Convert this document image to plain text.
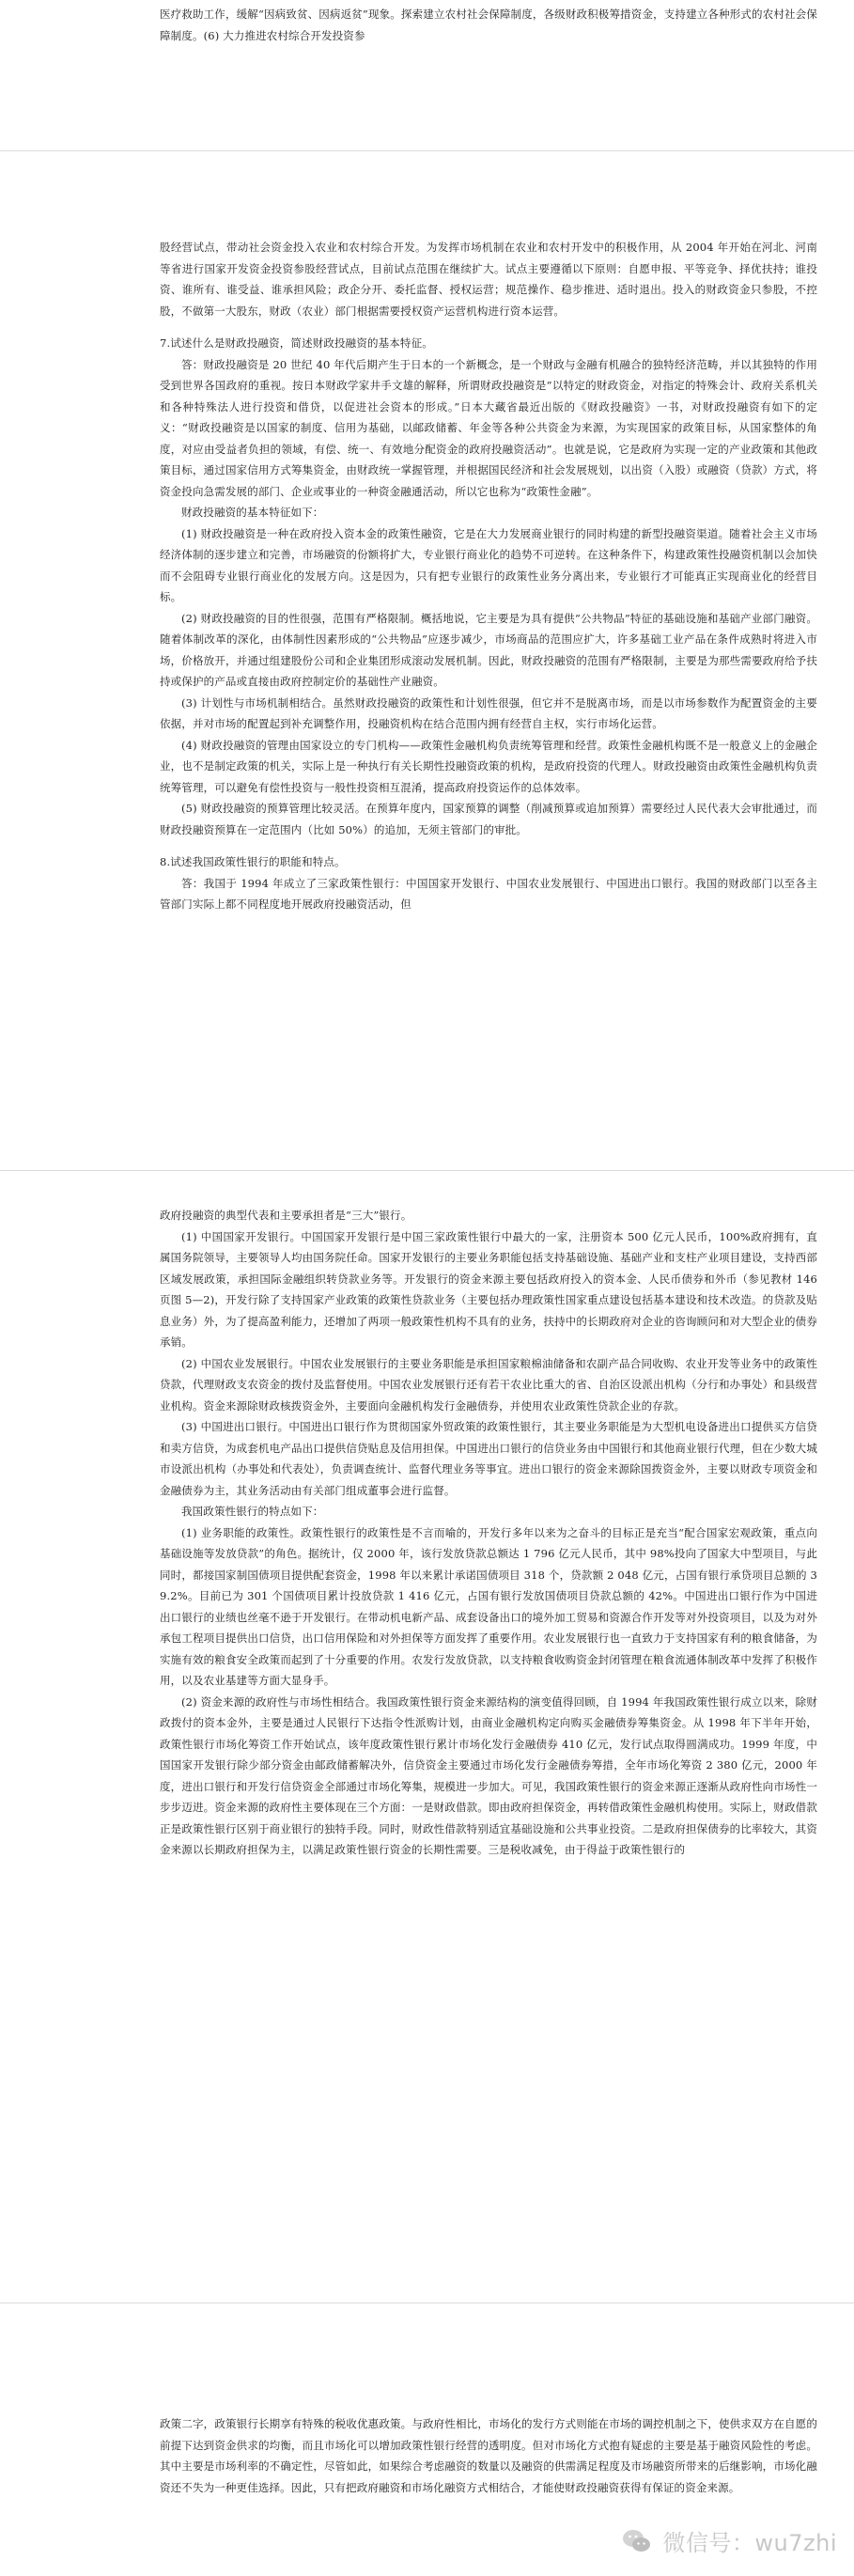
医疗救助工作，缓解“因病致贫、因病返贫”现象。探索建立农村社会保障制度，各级财政积极筹措资金，支持建立各种形式的农村社会保障制度。(6) 大力推进农村综合开发投资参

股经营试点，带动社会资金投入农业和农村综合开发。为发挥市场机制在农业和农村开发中的积极作用，从 2004 年开始在河北、河南等省进行国家开发资金投资参股经营试点，目前试点范围在继续扩大。试点主要遵循以下原则：自愿申报、平等竞争、择优扶持；谁投资、谁所有、谁受益、谁承担风险；政企分开、委托监督、授权运营；规范操作、稳步推进、适时退出。投入的财政资金只参股，不控股，不做第一大股东，财政（农业）部门根据需要授权资产运营机构进行资本运营。

7.试述什么是财政投融资，简述财政投融资的基本特征。

答：财政投融资是 20 世纪 40 年代后期产生于日本的一个新概念，是一个财政与金融有机融合的独特经济范畴，并以其独特的作用受到世界各国政府的重视。按日本财政学家井手文雄的解释，所谓财政投融资是“以特定的财政资金，对指定的特殊会计、政府关系机关和各种特殊法人进行投资和借贷，以促进社会资本的形成。”日本大藏省最近出版的《财政投融资》一书，对财政投融资有如下的定义：“财政投融资是以国家的制度、信用为基础，以邮政储蓄、年金等各种公共资金为来源，为实现国家的政策目标，从国家整体的角度，对应由受益者负担的领域，有偿、统一、有效地分配资金的政府投融资活动”。也就是说，它是政府为实现一定的产业政策和其他政策目标，通过国家信用方式筹集资金，由财政统一掌握管理，并根据国民经济和社会发展规划，以出资（入股）或融资（贷款）方式，将资金投向急需发展的部门、企业或事业的一种资金融通活动，所以它也称为“政策性金融”。

财政投融资的基本特征如下：

(1) 财政投融资是一种在政府投入资本金的政策性融资，它是在大力发展商业银行的同时构建的新型投融资渠道。随着社会主义市场经济体制的逐步建立和完善，市场融资的份额将扩大，专业银行商业化的趋势不可逆转。在这种条件下，构建政策性投融资机制以会加快而不会阻碍专业银行商业化的发展方向。这是因为，只有把专业银行的政策性业务分离出来，专业银行才可能真正实现商业化的经营目标。

(2) 财政投融资的目的性很强，范围有严格限制。概括地说，它主要是为具有提供“公共物品”特征的基础设施和基础产业部门融资。随着体制改革的深化，由体制性因素形成的“公共物品”应逐步减少，市场商品的范围应扩大，许多基础工业产品在条件成熟时将进入市场，价格放开，并通过组建股份公司和企业集团形成滚动发展机制。因此，财政投融资的范围有严格限制，主要是为那些需要政府给予扶持或保护的产品或直接由政府控制定价的基础性产业融资。

(3) 计划性与市场机制相结合。虽然财政投融资的政策性和计划性很强，但它并不是脱离市场，而是以市场参数作为配置资金的主要依据，并对市场的配置起到补充调整作用，投融资机构在结合范围内拥有经营自主权，实行市场化运营。

(4) 财政投融资的管理由国家设立的专门机构——政策性金融机构负责统筹管理和经营。政策性金融机构既不是一般意义上的金融企业，也不是制定政策的机关，实际上是一种执行有关长期性投融资政策的机构，是政府投资的代理人。财政投融资由政策性金融机构负责统筹管理，可以避免有偿性投资与一般性投资相互混淆，提高政府投资运作的总体效率。

(5) 财政投融资的预算管理比较灵活。在预算年度内，国家预算的调整（削减预算或追加预算）需要经过人民代表大会审批通过，而财政投融资预算在一定范围内（比如 50%）的追加，无须主管部门的审批。

8.试述我国政策性银行的职能和特点。

答：我国于 1994 年成立了三家政策性银行：中国国家开发银行、中国农业发展银行、中国进出口银行。我国的财政部门以至各主管部门实际上都不同程度地开展政府投融资活动，但

政府投融资的典型代表和主要承担者是“三大”银行。

(1) 中国国家开发银行。中国国家开发银行是中国三家政策性银行中最大的一家，注册资本 500 亿元人民币，100%政府拥有，直属国务院领导，主要领导人均由国务院任命。国家开发银行的主要业务职能包括支持基础设施、基础产业和支柱产业项目建设，支持西部区域发展政策，承担国际金融组织转贷款业务等。开发银行的资金来源主要包括政府投入的资本金、人民币债券和外币（参见教材 146 页图 5—2)，开发行除了支持国家产业政策的政策性贷款业务（主要包括办理政策性国家重点建设包括基本建设和技术改造。的贷款及贴息业务）外，为了提高盈利能力，还增加了两项一般政策性机构不具有的业务，扶持中的长期政府对企业的咨询顾问和对大型企业的债券承销。

(2) 中国农业发展银行。中国农业发展银行的主要业务职能是承担国家粮棉油储备和农副产品合同收购、农业开发等业务中的政策性贷款，代理财政支农资金的拨付及监督使用。中国农业发展银行还有若干农业比重大的省、自治区设派出机构（分行和办事处）和县级营业机构。资金来源除财政核拨资金外，主要面向金融机构发行金融债券，并使用农业政策性贷款企业的存款。

(3) 中国进出口银行。中国进出口银行作为贯彻国家外贸政策的政策性银行，其主要业务职能是为大型机电设备进出口提供买方信贷和卖方信贷，为成套机电产品出口提供信贷贴息及信用担保。中国进出口银行的信贷业务由中国银行和其他商业银行代理，但在少数大城市设派出机构（办事处和代表处），负责调查统计、监督代理业务等事宜。进出口银行的资金来源除国拨资金外，主要以财政专项资金和金融债券为主，其业务活动由有关部门组成董事会进行监督。

我国政策性银行的特点如下：

(1) 业务职能的政策性。政策性银行的政策性是不言而喻的，开发行多年以来为之奋斗的目标正是充当“配合国家宏观政策，重点向基础设施等发放贷款”的角色。据统计，仅 2000 年，该行发放贷款总额达 1 796 亿元人民币，其中 98%投向了国家大中型项目，与此同时，都接国家制国债项目提供配套资金，1998 年以来累计承诺国债项目 318 个，贷款额 2 048 亿元，占国有银行承贷项目总额的 39.2%。目前已为 301 个国债项目累计投放贷款 1 416 亿元，占国有银行发放国债项目贷款总额的 42%。中国进出口银行作为中国进出口银行的业绩也丝毫不逊于开发银行。在带动机电新产品、成套设备出口的境外加工贸易和资源合作开发等对外投资项目，以及为对外承包工程项目提供出口信贷，出口信用保险和对外担保等方面发挥了重要作用。农业发展银行也一直致力于支持国家有利的粮食储备，为实施有效的粮食安全政策而起到了十分重要的作用。农发行发放贷款，以支持粮食收购资金封闭管理在粮食流通体制改革中发挥了积极作用，以及农业基建等方面大显身手。

(2) 资金来源的政府性与市场性相结合。我国政策性银行资金来源结构的演变值得回顾，自 1994 年我国政策性银行成立以来，除财政拨付的资本金外，主要是通过人民银行下达指令性派购计划，由商业金融机构定向购买金融债券筹集资金。从 1998 年下半年开始，政策性银行市场化筹资工作开始试点，该年度政策性银行累计市场化发行金融债券 410 亿元，发行试点取得圆满成功。1999 年度，中国国家开发银行除少部分资金由邮政储蓄解决外，信贷资金主要通过市场化发行金融债券筹措，全年市场化筹资 2 380 亿元，2000 年度，进出口银行和开发行信贷资金全部通过市场化筹集，规模进一步加大。可见，我国政策性银行的资金来源正逐渐从政府性向市场性一步步迈进。资金来源的政府性主要体现在三个方面：一是财政借款。即由政府担保资金，再转借政策性金融机构使用。实际上，财政借款正是政策性银行区别于商业银行的独特手段。同时，财政性借款特别适宜基础设施和公共事业投资。二是政府担保债券的比率较大，其资金来源以长期政府担保为主，以满足政策性银行资金的长期性需要。三是税收减免，由于得益于政策性银行的

政策二字，政策银行长期享有特殊的税收优惠政策。与政府性相比，市场化的发行方式则能在市场的调控机制之下，使供求双方在自愿的前提下达到资金供求的均衡，而且市场化可以增加政策性银行经营的透明度。但对市场化方式抱有疑虑的主要是基于融资风险性的考虑。其中主要是市场利率的不确定性，尽管如此，如果综合考虑融资的数量以及融资的供需满足程度及市场融资所带来的后继影响，市场化融资还不失为一种更佳选择。因此，只有把政府融资和市场化融资方式相结合，才能使财政投融资获得有保证的资金来源。

微信号：wu7zhi
